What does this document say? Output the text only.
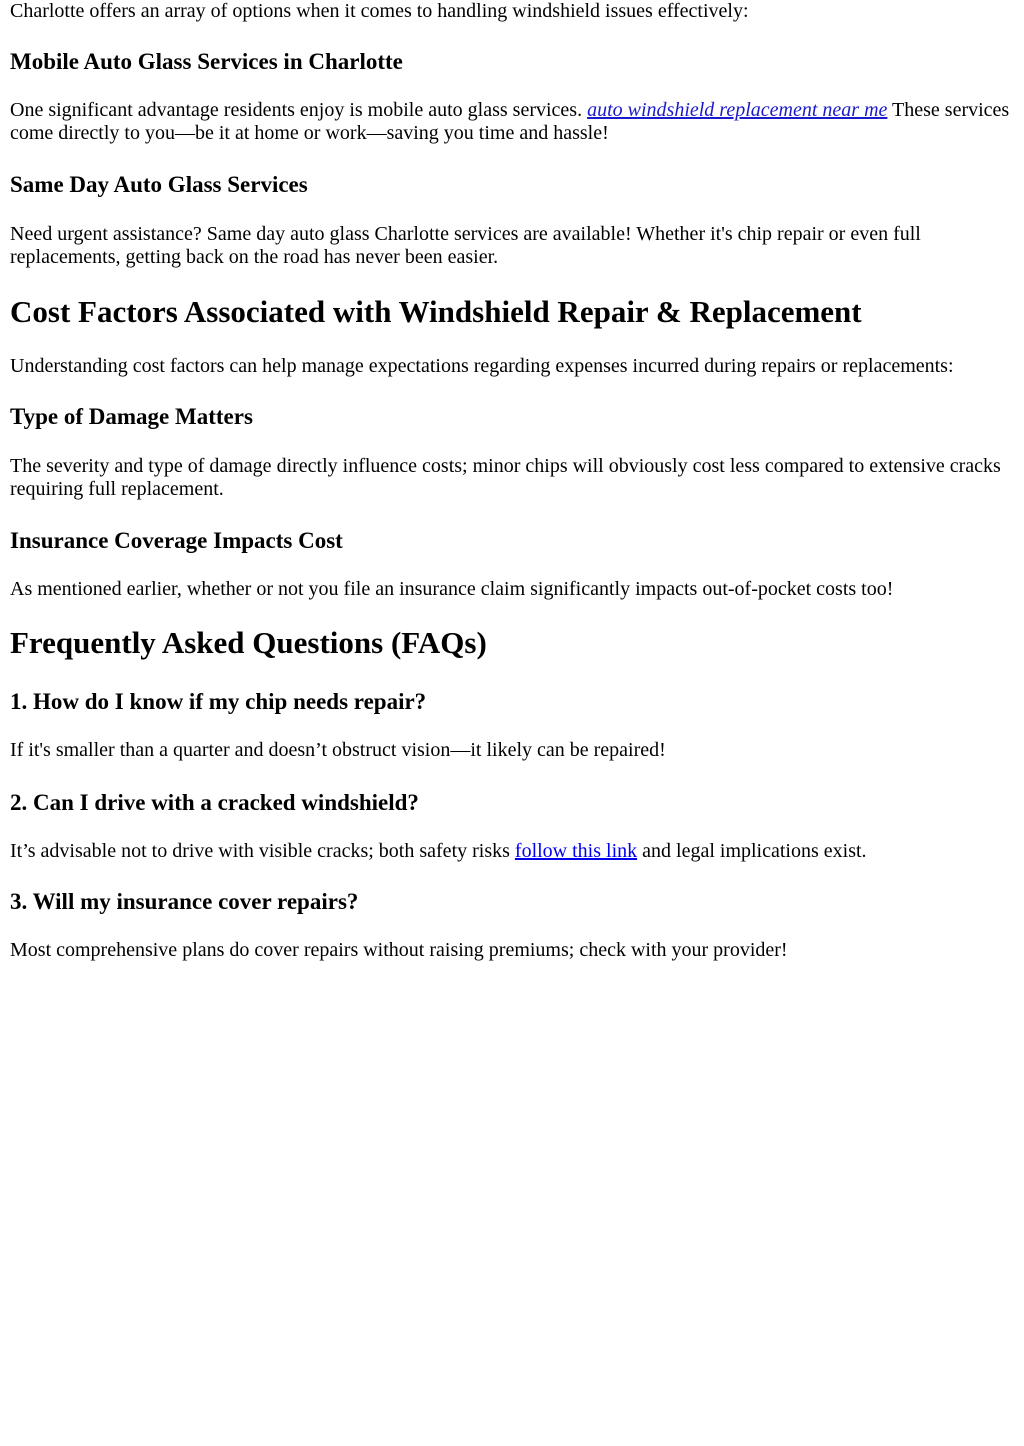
Charlotte offers an array of options when it comes to handling windshield issues effectively:

Mobile Auto Glass Services in Charlotte

One significant advantage residents enjoy is mobile auto glass services. auto windshield replacement near me These services come directly to you—be it at home or work—saving you time and hassle!

Same Day Auto Glass Services

Need urgent assistance? Same day auto glass Charlotte services are available! Whether it's chip repair or even full replacements, getting back on the road has never been easier.

Cost Factors Associated with Windshield Repair & Replacement

Understanding cost factors can help manage expectations regarding expenses incurred during repairs or replacements:

Type of Damage Matters

The severity and type of damage directly influence costs; minor chips will obviously cost less compared to extensive cracks requiring full replacement.

Insurance Coverage Impacts Cost

As mentioned earlier, whether or not you file an insurance claim significantly impacts out-of-pocket costs too!

Frequently Asked Questions (FAQs)
1. How do I know if my chip needs repair?

If it's smaller than a quarter and doesn’t obstruct vision—it likely can be repaired!

2. Can I drive with a cracked windshield?

It’s advisable not to drive with visible cracks; both safety risks follow this link and legal implications exist.

3. Will my insurance cover repairs?

Most comprehensive plans do cover repairs without raising premiums; check with your provider!
